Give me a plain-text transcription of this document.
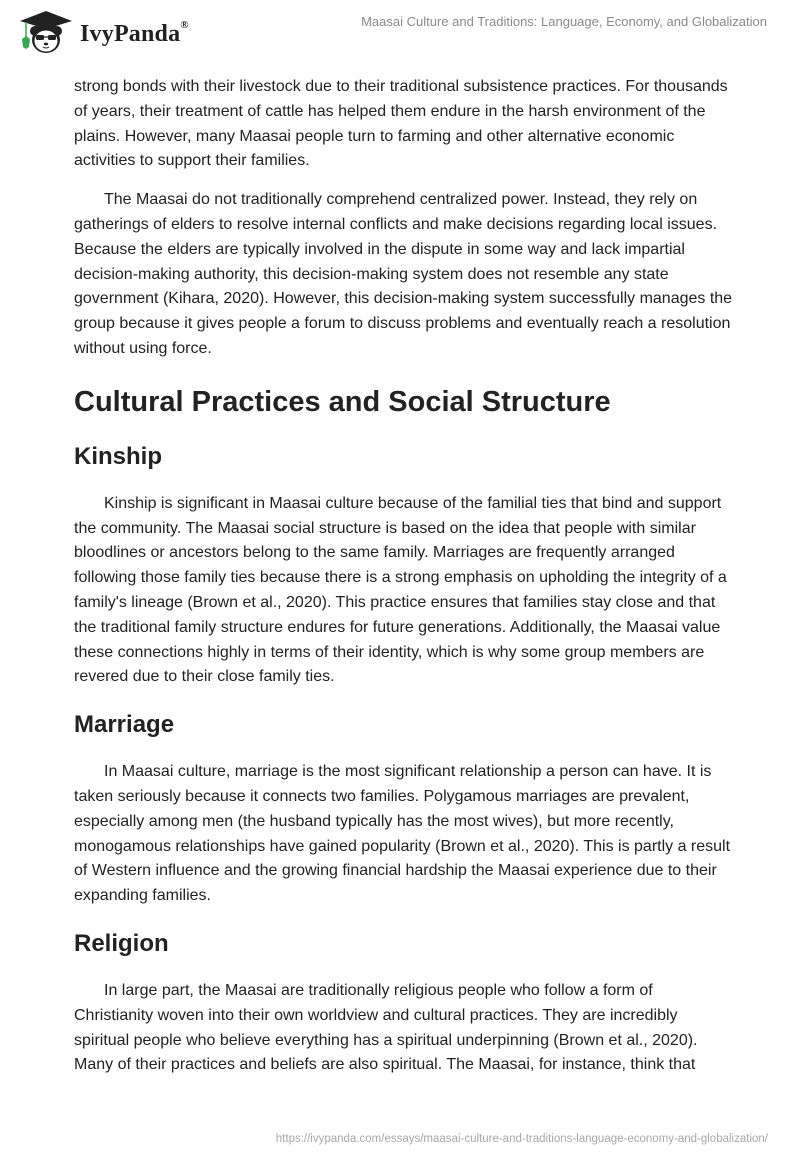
IvyPanda®	Maasai Culture and Traditions: Language, Economy, and Globalization

strong bonds with their livestock due to their traditional subsistence practices. For thousands of years, their treatment of cattle has helped them endure in the harsh environment of the plains. However, many Maasai people turn to farming and other alternative economic activities to support their families.

The Maasai do not traditionally comprehend centralized power. Instead, they rely on gatherings of elders to resolve internal conflicts and make decisions regarding local issues. Because the elders are typically involved in the dispute in some way and lack impartial decision-making authority, this decision-making system does not resemble any state government (Kihara, 2020). However, this decision-making system successfully manages the group because it gives people a forum to discuss problems and eventually reach a resolution without using force.

Cultural Practices and Social Structure
Kinship

Kinship is significant in Maasai culture because of the familial ties that bind and support the community. The Maasai social structure is based on the idea that people with similar bloodlines or ancestors belong to the same family. Marriages are frequently arranged following those family ties because there is a strong emphasis on upholding the integrity of a family's lineage (Brown et al., 2020). This practice ensures that families stay close and that the traditional family structure endures for future generations. Additionally, the Maasai value these connections highly in terms of their identity, which is why some group members are revered due to their close family ties.

Marriage

In Maasai culture, marriage is the most significant relationship a person can have. It is taken seriously because it connects two families. Polygamous marriages are prevalent, especially among men (the husband typically has the most wives), but more recently, monogamous relationships have gained popularity (Brown et al., 2020). This is partly a result of Western influence and the growing financial hardship the Maasai experience due to their expanding families.

Religion

In large part, the Maasai are traditionally religious people who follow a form of Christianity woven into their own worldview and cultural practices. They are incredibly spiritual people who believe everything has a spiritual underpinning (Brown et al., 2020). Many of their practices and beliefs are also spiritual. The Maasai, for instance, think that

https://ivypanda.com/essays/maasai-culture-and-traditions-language-economy-and-globalization/
